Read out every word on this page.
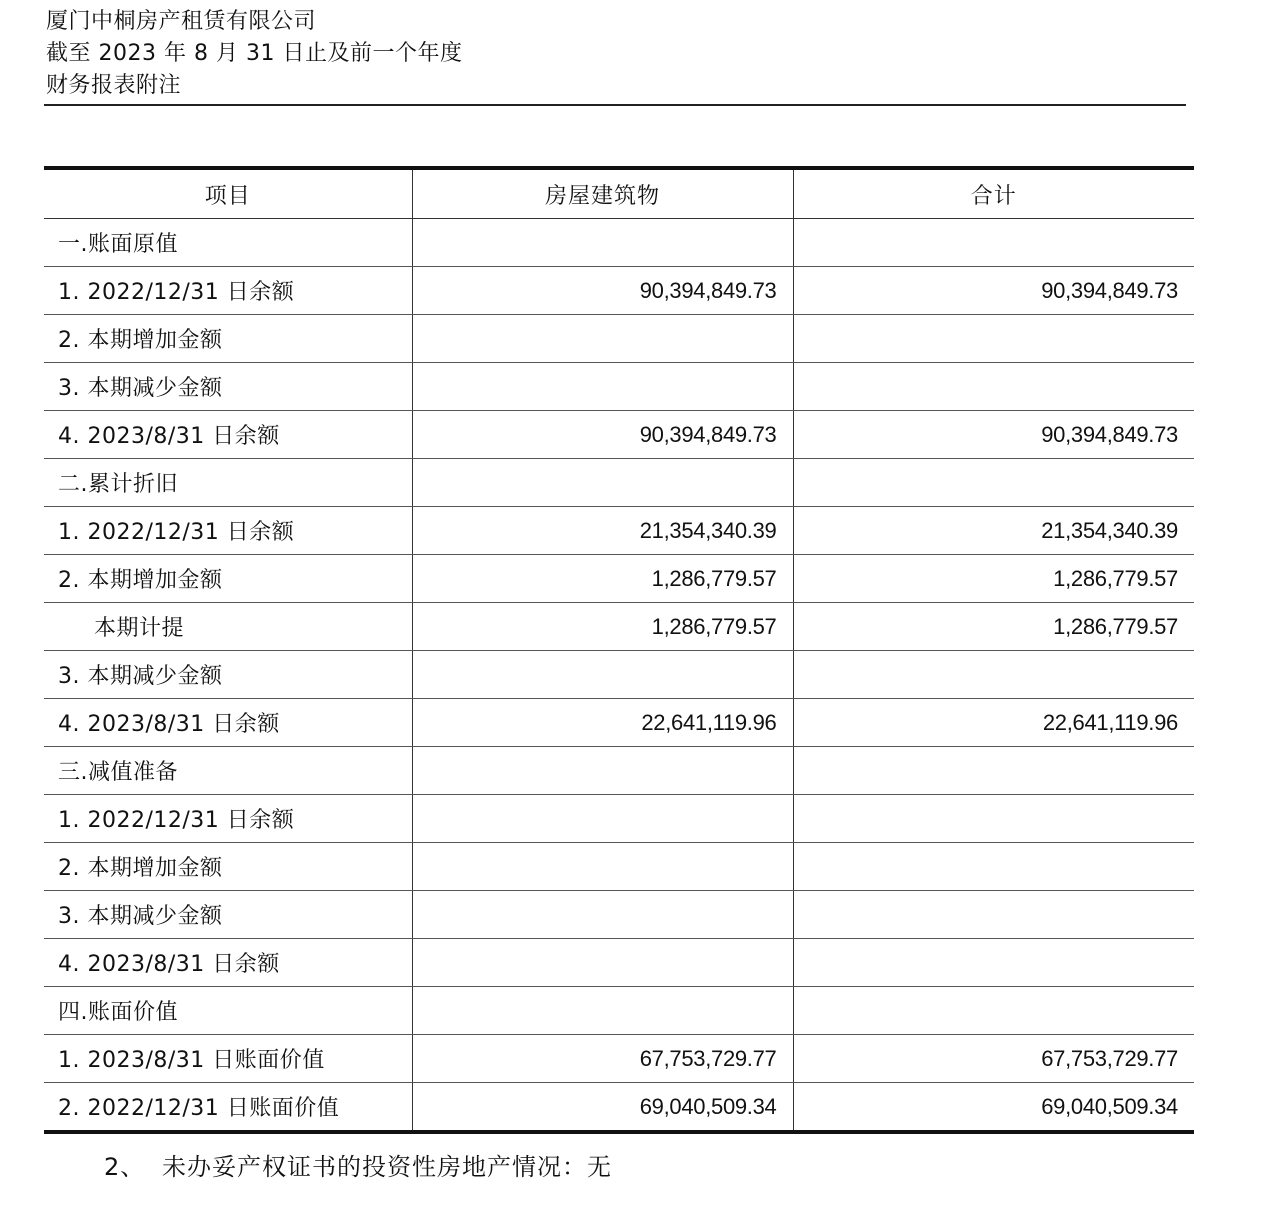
厦门中桐房产租赁有限公司
截至 2023 年 8 月 31 日止及前一个年度
财务报表附注
项目	房屋建筑物	合计
一.账面原值		
1. 2022/12/31 日余额	90,394,849.73	90,394,849.73
2. 本期增加金额		
3. 本期减少金额		
4. 2023/8/31 日余额	90,394,849.73	90,394,849.73
二.累计折旧		
1. 2022/12/31 日余额	21,354,340.39	21,354,340.39
2. 本期增加金额	1,286,779.57	1,286,779.57
本期计提	1,286,779.57	1,286,779.57
3. 本期减少金额		
4. 2023/8/31 日余额	22,641,119.96	22,641,119.96
三.减值准备		
1. 2022/12/31 日余额		
2. 本期增加金额		
3. 本期减少金额		
4. 2023/8/31 日余额		
四.账面价值		
1. 2023/8/31 日账面价值	67,753,729.77	67,753,729.77
2. 2022/12/31 日账面价值	69,040,509.34	69,040,509.34
2、 未办妥产权证书的投资性房地产情况：无
